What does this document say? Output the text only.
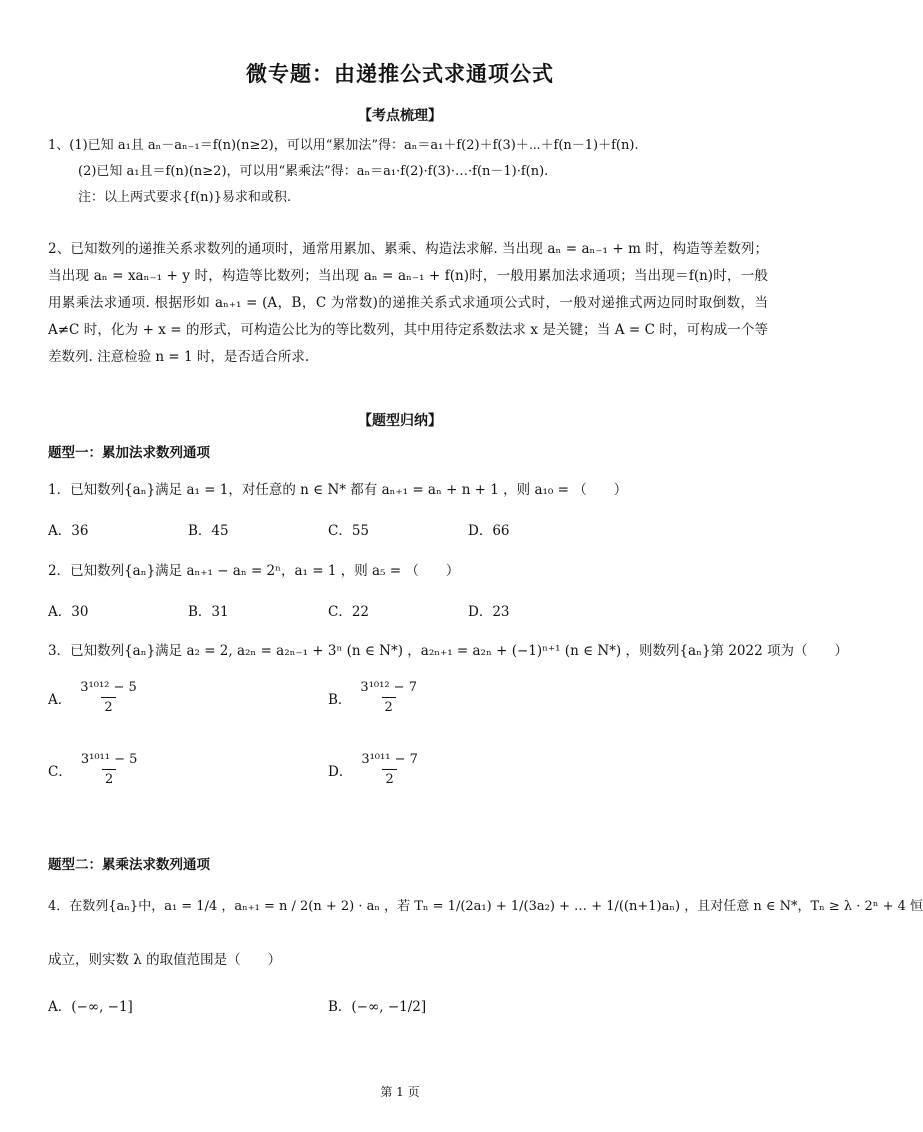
微专题：由递推公式求通项公式
【考点梳理】
1、(1)已知 a₁且 aₙ－aₙ₋₁＝f(n)(n≥2)，可以用“累加法”得：aₙ＝a₁＋f(2)＋f(3)＋⋯＋f(n－1)＋f(n).
(2)已知 a₁且＝f(n)(n≥2)，可以用“累乘法”得：aₙ＝a₁·f(2)·f(3)·…·f(n－1)·f(n).
注：以上两式要求{f(n)}易求和或积.
2、已知数列的递推关系求数列的通项时，通常用累加、累乘、构造法求解. 当出现 aₙ = aₙ₋₁ + m 时，构造等差数列；当出现 aₙ = xaₙ₋₁ + y 时，构造等比数列；当出现 aₙ = aₙ₋₁ + f(n)时，一般用累加法求通项；当出现＝f(n)时，一般用累乘法求通项. 根据形如 aₙ₊₁ = (A，B，C 为常数)的递推关系式求通项公式时，一般对递推式两边同时取倒数，当 A≠C 时，化为 + x = 的形式，可构造公比为的等比数列，其中用待定系数法求 x 是关键；当 A = C 时，可构成一个等差数列. 注意检验 n = 1 时，是否适合所求.
【题型归纳】
题型一：累加法求数列通项
1．已知数列{aₙ}满足 a₁ = 1，对任意的 n ∈ N* 都有 aₙ₊₁ = aₙ + n + 1 ，则 a₁₀ = （　　）
A．36	B．45	C．55	D．66
2．已知数列{aₙ}满足 aₙ₊₁ − aₙ = 2ⁿ，a₁ = 1 ，则 a₅ = （　　）
A．30	B．31	C．22	D．23
3．已知数列{aₙ}满足 a₂ = 2, a₂ₙ = a₂ₙ₋₁ + 3ⁿ (n ∈ N*) ，a₂ₙ₊₁ = a₂ₙ + (−1)ⁿ⁺¹ (n ∈ N*) ，则数列{aₙ}第 2022 项为（　　）
A． $\frac{\text{3¹⁰¹² − 5}}{2}$	B． $\frac{\text{3¹⁰¹² − 7}}{2}$
C． $\frac{\text{3¹⁰¹¹ − 5}}{2}$	D． $\frac{\text{3¹⁰¹¹ − 7}}{2}$
题型二：累乘法求数列通项
4．在数列{aₙ}中，a₁ = 1/4 ，aₙ₊₁ = n / 2(n + 2) · aₙ ，若 Tₙ = 1/(2a₁) + 1/(3a₂) + … + 1/((n+1)aₙ) ，且对任意 n ∈ N*，Tₙ ≥ λ · 2ⁿ + 4 恒
成立，则实数 λ 的取值范围是（　　）
A．(−∞, −1]	B．(−∞, −1/2]
第 1 页
